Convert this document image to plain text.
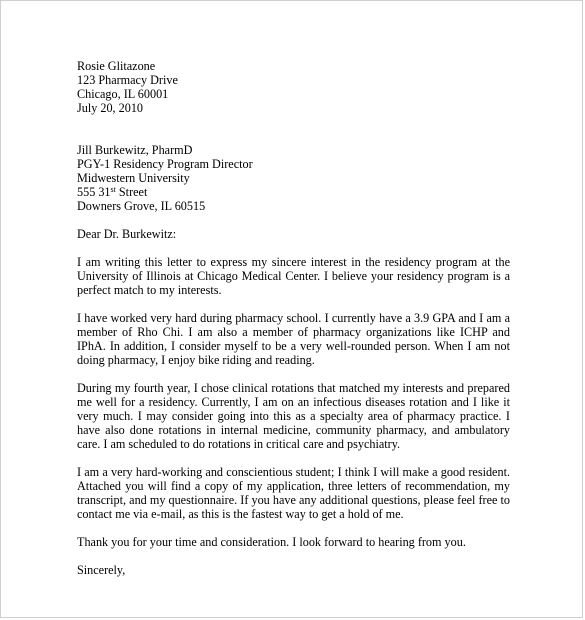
Rosie Glitazone
123 Pharmacy Drive
Chicago, IL 60001
July 20, 2010
Jill Burkewitz, PharmD
PGY-1 Residency Program Director
Midwestern University
555 31st Street
Downers Grove, IL 60515

Dear Dr. Burkewitz:

I am writing this letter to express my sincere interest in the residency program at the University of Illinois at Chicago Medical Center. I believe your residency program is a perfect match to my interests.

I have worked very hard during pharmacy school. I currently have a 3.9 GPA and I am a member of Rho Chi. I am also a member of pharmacy organizations like ICHP and IPhA. In addition, I consider myself to be a very well-rounded person. When I am not doing pharmacy, I enjoy bike riding and reading.

During my fourth year, I chose clinical rotations that matched my interests and prepared me well for a residency. Currently, I am on an infectious diseases rotation and I like it very much. I may consider going into this as a specialty area of pharmacy practice. I have also done rotations in internal medicine, community pharmacy, and ambulatory care. I am scheduled to do rotations in critical care and psychiatry.

I am a very hard-working and conscientious student; I think I will make a good resident. Attached you will find a copy of my application, three letters of recommendation, my transcript, and my questionnaire. If you have any additional questions, please feel free to contact me via e-mail, as this is the fastest way to get a hold of me.

Thank you for your time and consideration. I look forward to hearing from you.

Sincerely,
